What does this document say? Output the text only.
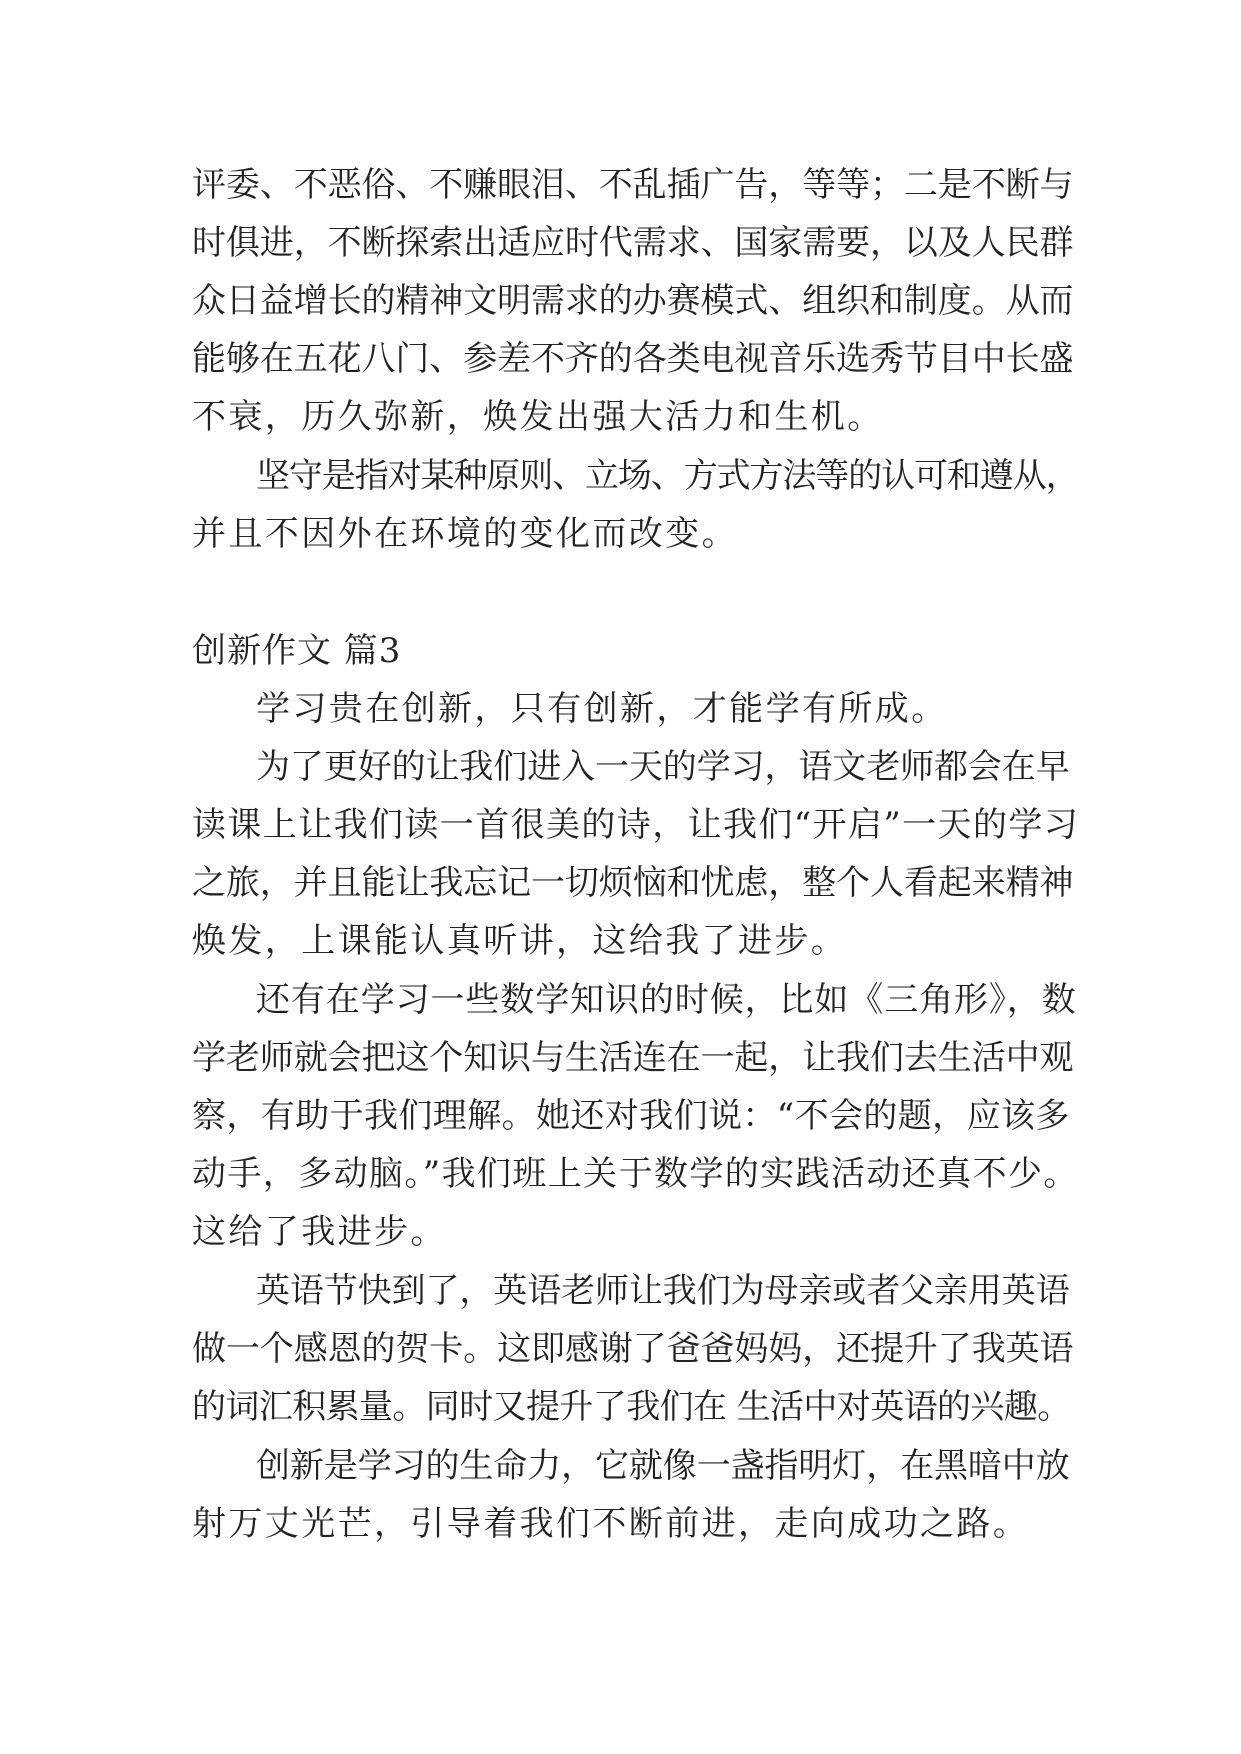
评委、不恶俗、不赚眼泪、不乱插广告，等等；二是不断与
时俱进，不断探索出适应时代需求、国家需要，以及人民群
众日益增长的精神文明需求的办赛模式、组织和制度。从而
能够在五花八门、参差不齐的各类电视音乐选秀节目中长盛
不衰，历久弥新，焕发出强大活力和生机。
坚守是指对某种原则、立场、方式方法等的认可和遵从，
并且不因外在环境的变化而改变。
创新作文 篇3
学习贵在创新，只有创新，才能学有所成。
为了更好的让我们进入一天的学习，语文老师都会在早
读课上让我们读一首很美的诗，让我们“开启”一天的学习
之旅，并且能让我忘记一切烦恼和忧虑，整个人看起来精神
焕发，上课能认真听讲，这给我了进步。
还有在学习一些数学知识的时候，比如《三角形》，数
学老师就会把这个知识与生活连在一起，让我们去生活中观
察，有助于我们理解。她还对我们说：“不会的题，应该多
动手，多动脑。”我们班上关于数学的实践活动还真不少。
这给了我进步。
英语节快到了，英语老师让我们为母亲或者父亲用英语
做一个感恩的贺卡。这即感谢了爸爸妈妈，还提升了我英语
的词汇积累量。同时又提升了我们在 生活中对英语的兴趣。
创新是学习的生命力，它就像一盏指明灯，在黑暗中放
射万丈光芒，引导着我们不断前进，走向成功之路。
